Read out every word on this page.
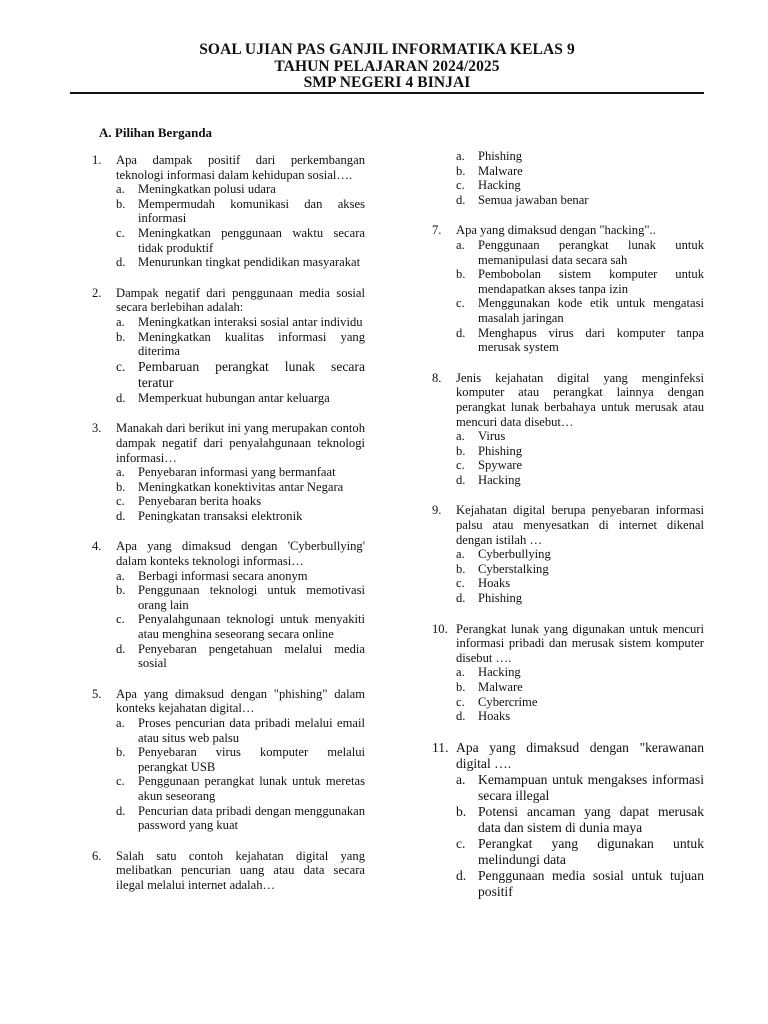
SOAL UJIAN PAS GANJIL INFORMATIKA KELAS 9
TAHUN PELAJARAN 2024/2025
SMP NEGERI 4 BINJAI
A. Pilihan Berganda
1. Apa dampak positif dari perkembangan teknologi informasi dalam kehidupan sosial….
a. Meningkatkan polusi udara
b. Mempermudah komunikasi dan akses informasi
c. Meningkatkan penggunaan waktu secara tidak produktif
d. Menurunkan tingkat pendidikan masyarakat
2. Dampak negatif dari penggunaan media sosial secara berlebihan adalah:
a. Meningkatkan interaksi sosial antar individu
b. Meningkatkan kualitas informasi yang diterima
c. Pembaruan perangkat lunak secara teratur
d. Memperkuat hubungan antar keluarga
3. Manakah dari berikut ini yang merupakan contoh dampak negatif dari penyalahgunaan teknologi informasi…
a. Penyebaran informasi yang bermanfaat
b. Meningkatkan konektivitas antar Negara
c. Penyebaran berita hoaks
d. Peningkatan transaksi elektronik
4. Apa yang dimaksud dengan 'Cyberbullying' dalam konteks teknologi informasi…
a. Berbagi informasi secara anonym
b. Penggunaan teknologi untuk memotivasi orang lain
c. Penyalahgunaan teknologi untuk menyakiti atau menghina seseorang secara online
d. Penyebaran pengetahuan melalui media sosial
5. Apa yang dimaksud dengan "phishing" dalam konteks kejahatan digital…
a. Proses pencurian data pribadi melalui email atau situs web palsu
b. Penyebaran virus komputer melalui perangkat USB
c. Penggunaan perangkat lunak untuk meretas akun seseorang
d. Pencurian data pribadi dengan menggunakan password yang kuat
6. Salah satu contoh kejahatan digital yang melibatkan pencurian uang atau data secara ilegal melalui internet adalah…
a. Phishing
b. Malware
c. Hacking
d. Semua jawaban benar
7. Apa yang dimaksud dengan "hacking"..
a. Penggunaan perangkat lunak untuk memanipulasi data secara sah
b. Pembobolan sistem komputer untuk mendapatkan akses tanpa izin
c. Menggunakan kode etik untuk mengatasi masalah jaringan
d. Menghapus virus dari komputer tanpa merusak system
8. Jenis kejahatan digital yang menginfeksi komputer atau perangkat lainnya dengan perangkat lunak berbahaya untuk merusak atau mencuri data disebut…
a. Virus
b. Phishing
c. Spyware
d. Hacking
9. Kejahatan digital berupa penyebaran informasi palsu atau menyesatkan di internet dikenal dengan istilah …
a. Cyberbullying
b. Cyberstalking
c. Hoaks
d. Phishing
10. Perangkat lunak yang digunakan untuk mencuri informasi pribadi dan merusak sistem komputer disebut ….
a. Hacking
b. Malware
c. Cybercrime
d. Hoaks
11. Apa yang dimaksud dengan "kerawanan digital ….
a. Kemampuan untuk mengakses informasi secara illegal
b. Potensi ancaman yang dapat merusak data dan sistem di dunia maya
c. Perangkat yang digunakan untuk melindungi data
d. Penggunaan media sosial untuk tujuan positif
